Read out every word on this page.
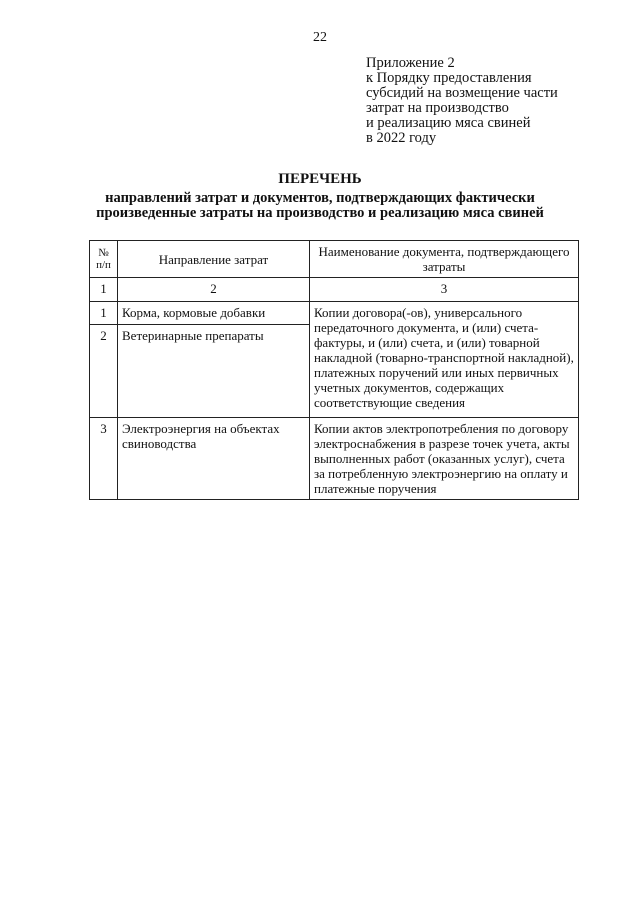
22
Приложение 2
к Порядку предоставления
субсидий на возмещение части
затрат на производство
и реализацию мяса свиней
в 2022 году
ПЕРЕЧЕНЬ
направлений затрат и документов, подтверждающих фактически
произведенные затраты на производство и реализацию мяса свиней
№ п/п	Направление затрат	Наименование документа, подтверждающего затраты
1	2	3
1	Корма, кормовые добавки	Копии договора(-ов), универсального передаточного документа, и (или) счета-фактуры, и (или) счета, и (или) товарной накладной (товарно-транспортной накладной), платежных поручений или иных первичных учетных документов, содержащих соответствующие сведения
2	Ветеринарные препараты	
3	Электроэнергия на объектах свиноводства	Копии актов электропотребления по договору электроснабжения в разрезе точек учета, акты выполненных работ (оказанных услуг), счета за потребленную электроэнергию на оплату и платежные поручения
